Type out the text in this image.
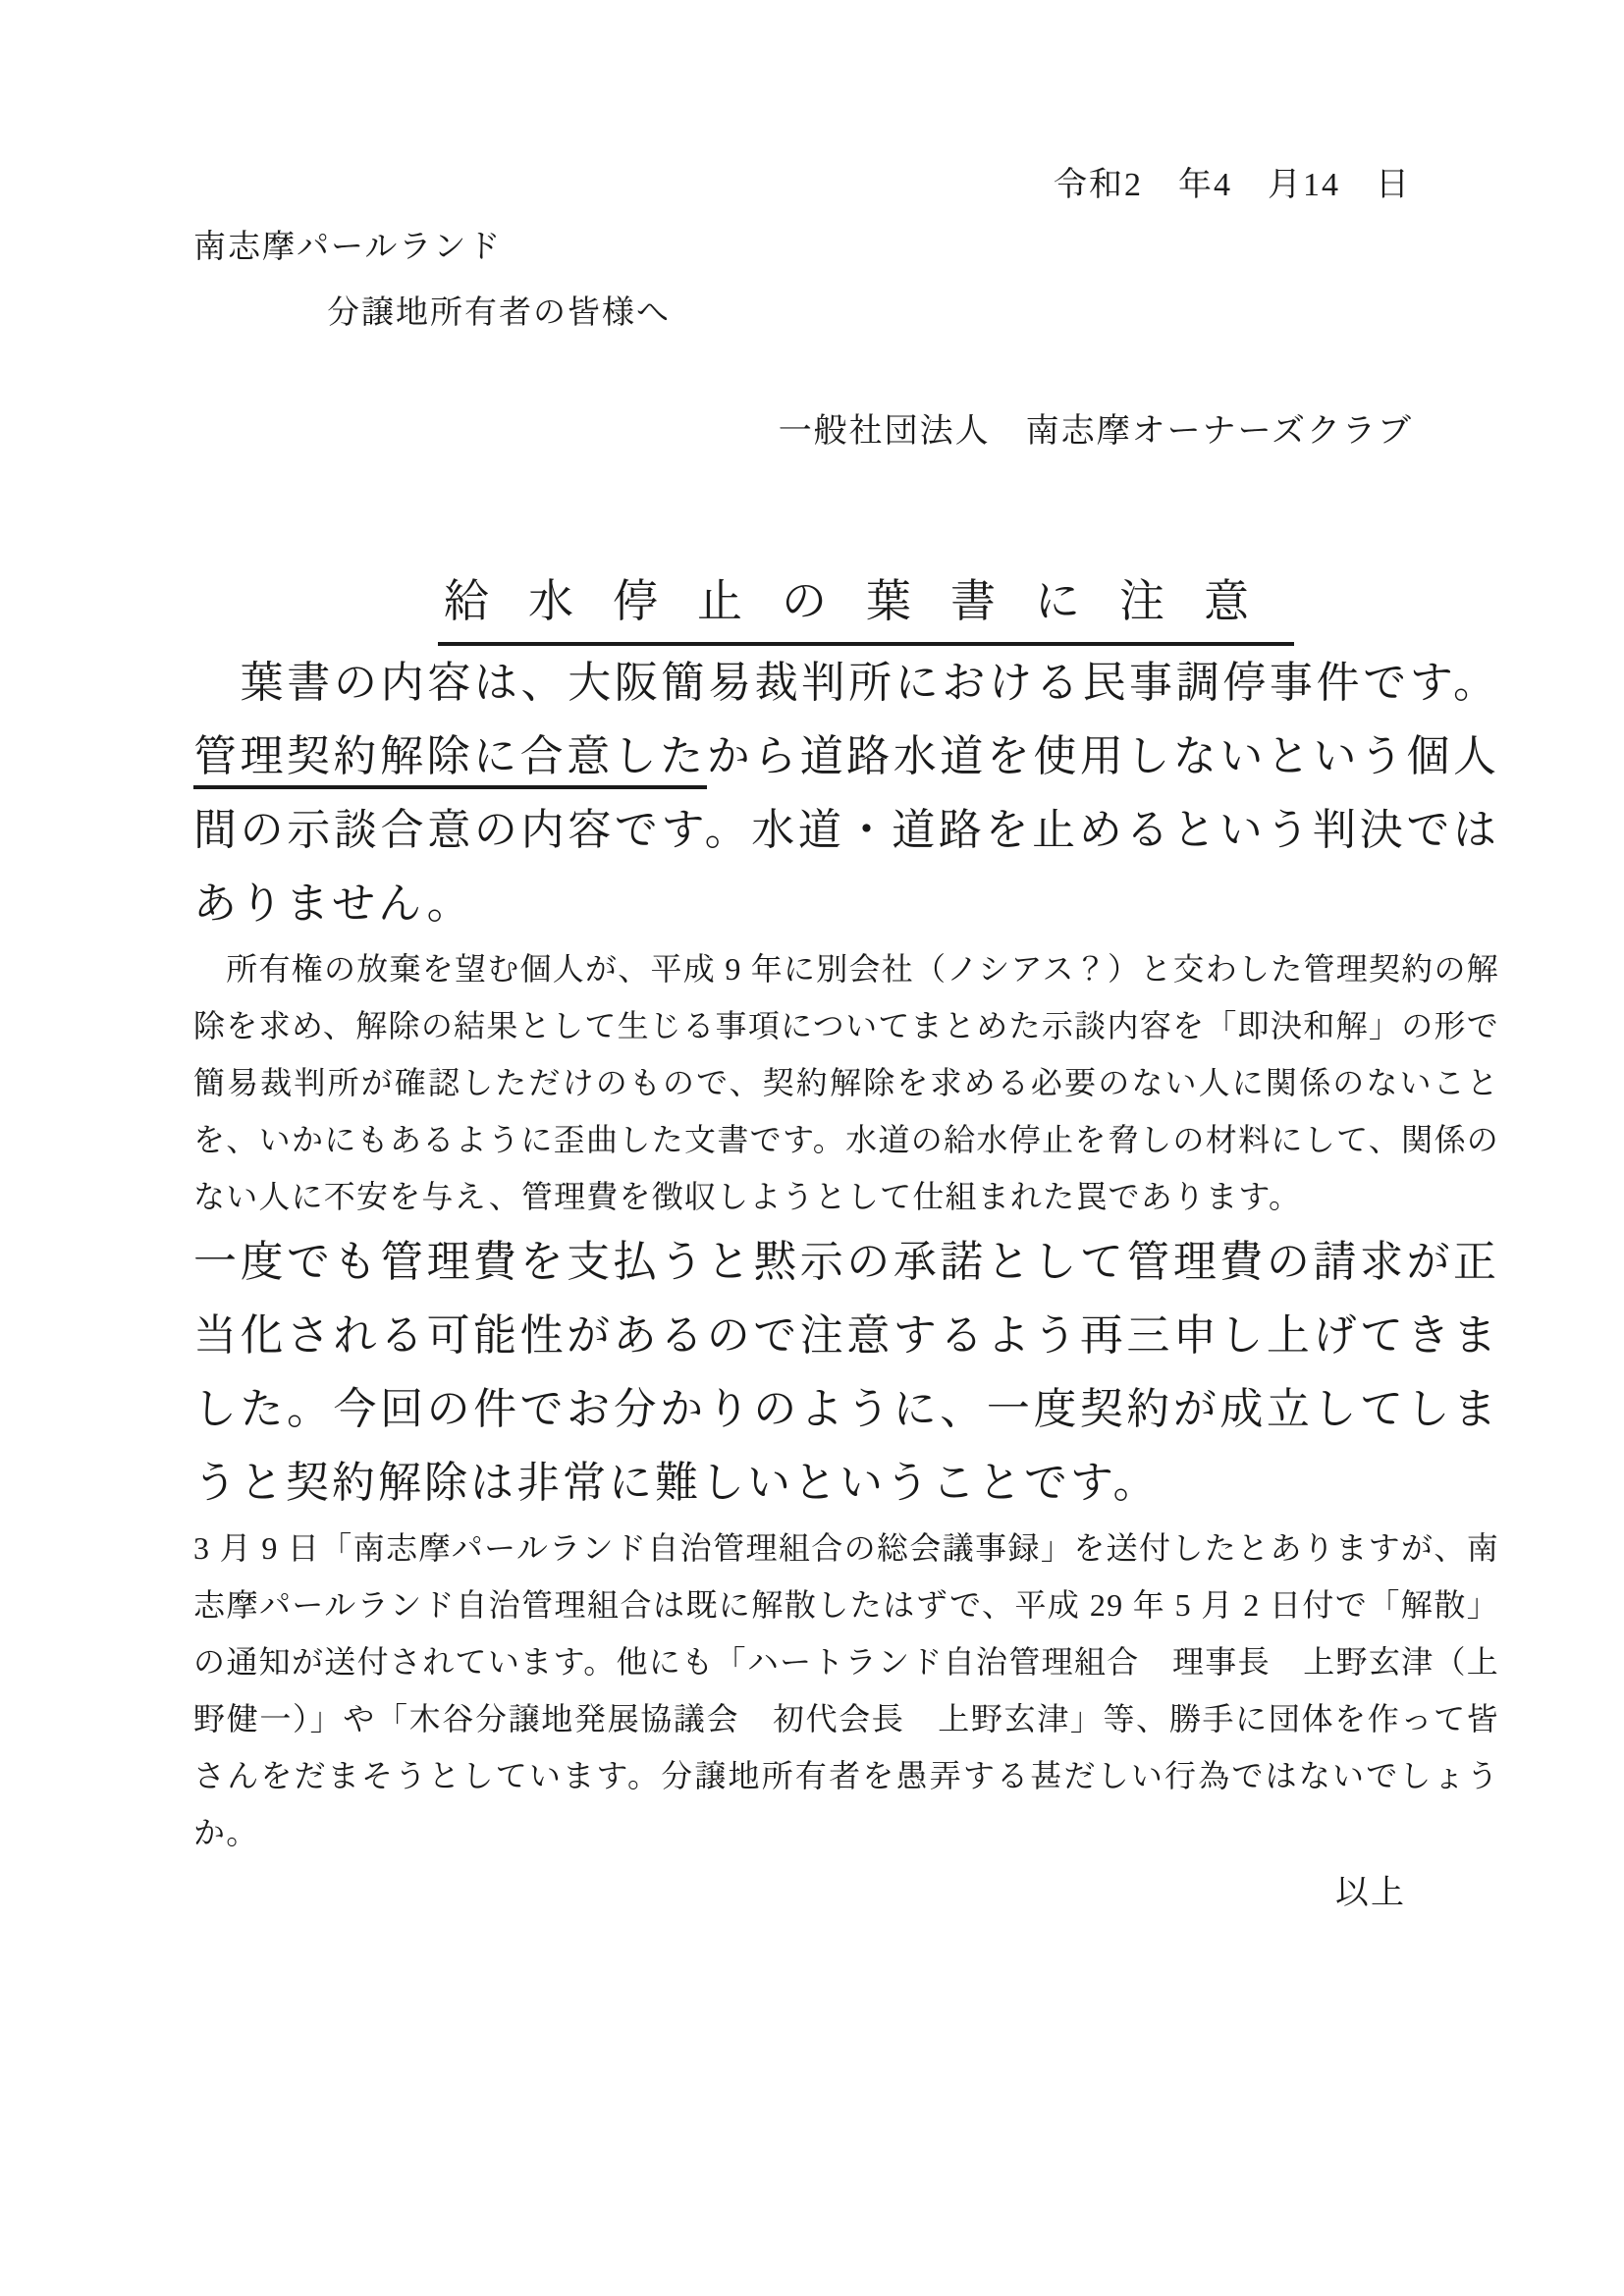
令和2　年4　月14　日
南志摩パールランド
分譲地所有者の皆様へ
一般社団法人　南志摩オーナーズクラブ
給水停止の葉書に注意

　葉書の内容は、大阪簡易裁判所における民事調停事件です。管理契約解除に合意したから道路水道を使用しないという個人間の示談合意の内容です。水道・道路を止めるという判決ではありません。

　所有権の放棄を望む個人が、平成 9 年に別会社（ノシアス？）と交わした管理契約の解除を求め、解除の結果として生じる事項についてまとめた示談内容を「即決和解」の形で簡易裁判所が確認しただけのもので、契約解除を求める必要のない人に関係のないことを、いかにもあるように歪曲した文書です。水道の給水停止を脅しの材料にして、関係のない人に不安を与え、管理費を徴収しようとして仕組まれた罠であります。

一度でも管理費を支払うと黙示の承諾として管理費の請求が正当化される可能性があるので注意するよう再三申し上げてきました。今回の件でお分かりのように、一度契約が成立してしまうと契約解除は非常に難しいということです。

3 月 9 日「南志摩パールランド自治管理組合の総会議事録」を送付したとありますが、南志摩パールランド自治管理組合は既に解散したはずで、平成 29 年 5 月 2 日付で「解散」の通知が送付されています。他にも「ハートランド自治管理組合　理事長　上野玄津（上野健一）」や「木谷分譲地発展協議会　初代会長　上野玄津」等、勝手に団体を作って皆さんをだまそうとしています。分譲地所有者を愚弄する甚だしい行為ではないでしょうか。

以上
